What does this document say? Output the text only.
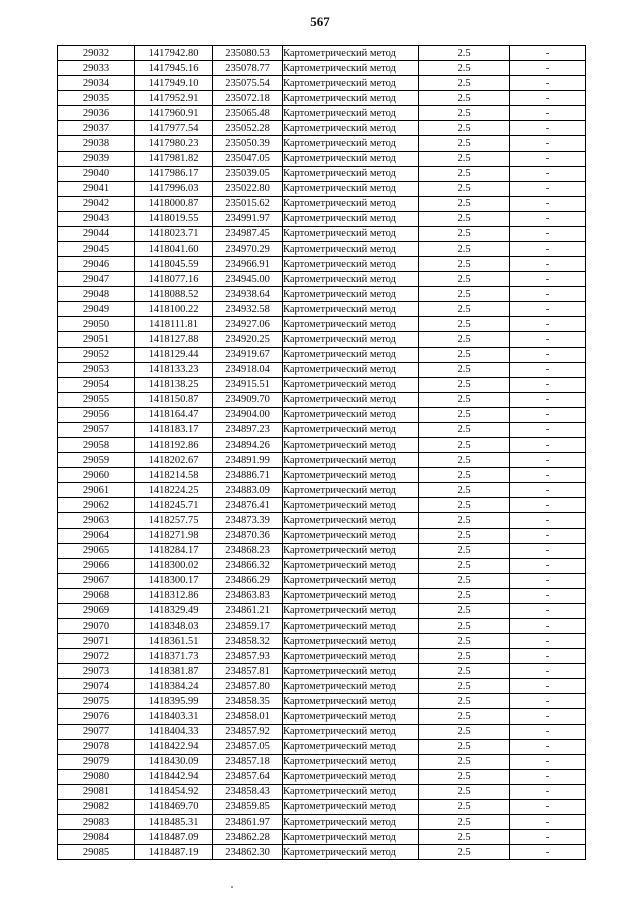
567
29032	1417942.80	235080.53	Картометрический метод	2.5	-
29033	1417945.16	235078.77	Картометрический метод	2.5	-
29034	1417949.10	235075.54	Картометрический метод	2.5	-
29035	1417952.91	235072.18	Картометрический метод	2.5	-
29036	1417960.91	235065.48	Картометрический метод	2.5	-
29037	1417977.54	235052.28	Картометрический метод	2.5	-
29038	1417980.23	235050.39	Картометрический метод	2.5	-
29039	1417981.82	235047.05	Картометрический метод	2.5	-
29040	1417986.17	235039.05	Картометрический метод	2.5	-
29041	1417996.03	235022.80	Картометрический метод	2.5	-
29042	1418000.87	235015.62	Картометрический метод	2.5	-
29043	1418019.55	234991.97	Картометрический метод	2.5	-
29044	1418023.71	234987.45	Картометрический метод	2.5	-
29045	1418041.60	234970.29	Картометрический метод	2.5	-
29046	1418045.59	234966.91	Картометрический метод	2.5	-
29047	1418077.16	234945.00	Картометрический метод	2.5	-
29048	1418088.52	234938.64	Картометрический метод	2.5	-
29049	1418100.22	234932.58	Картометрический метод	2.5	-
29050	1418111.81	234927.06	Картометрический метод	2.5	-
29051	1418127.88	234920.25	Картометрический метод	2.5	-
29052	1418129.44	234919.67	Картометрический метод	2.5	-
29053	1418133.23	234918.04	Картометрический метод	2.5	-
29054	1418138.25	234915.51	Картометрический метод	2.5	-
29055	1418150.87	234909.70	Картометрический метод	2.5	-
29056	1418164.47	234904.00	Картометрический метод	2.5	-
29057	1418183.17	234897.23	Картометрический метод	2.5	-
29058	1418192.86	234894.26	Картометрический метод	2.5	-
29059	1418202.67	234891.99	Картометрический метод	2.5	-
29060	1418214.58	234886.71	Картометрический метод	2.5	-
29061	1418224.25	234883.09	Картометрический метод	2.5	-
29062	1418245.71	234876.41	Картометрический метод	2.5	-
29063	1418257.75	234873.39	Картометрический метод	2.5	-
29064	1418271.98	234870.36	Картометрический метод	2.5	-
29065	1418284.17	234868.23	Картометрический метод	2.5	-
29066	1418300.02	234866.32	Картометрический метод	2.5	-
29067	1418300.17	234866.29	Картометрический метод	2.5	-
29068	1418312.86	234863.83	Картометрический метод	2.5	-
29069	1418329.49	234861.21	Картометрический метод	2.5	-
29070	1418348.03	234859.17	Картометрический метод	2.5	-
29071	1418361.51	234858.32	Картометрический метод	2.5	-
29072	1418371.73	234857.93	Картометрический метод	2.5	-
29073	1418381.87	234857.81	Картометрический метод	2.5	-
29074	1418384.24	234857.80	Картометрический метод	2.5	-
29075	1418395.99	234858.35	Картометрический метод	2.5	-
29076	1418403.31	234858.01	Картометрический метод	2.5	-
29077	1418404.33	234857.92	Картометрический метод	2.5	-
29078	1418422.94	234857.05	Картометрический метод	2.5	-
29079	1418430.09	234857.18	Картометрический метод	2.5	-
29080	1418442.94	234857.64	Картометрический метод	2.5	-
29081	1418454.92	234858.43	Картометрический метод	2.5	-
29082	1418469.70	234859.85	Картометрический метод	2.5	-
29083	1418485.31	234861.97	Картометрический метод	2.5	-
29084	1418487.09	234862.28	Картометрический метод	2.5	-
29085	1418487.19	234862.30	Картометрический метод	2.5	-
